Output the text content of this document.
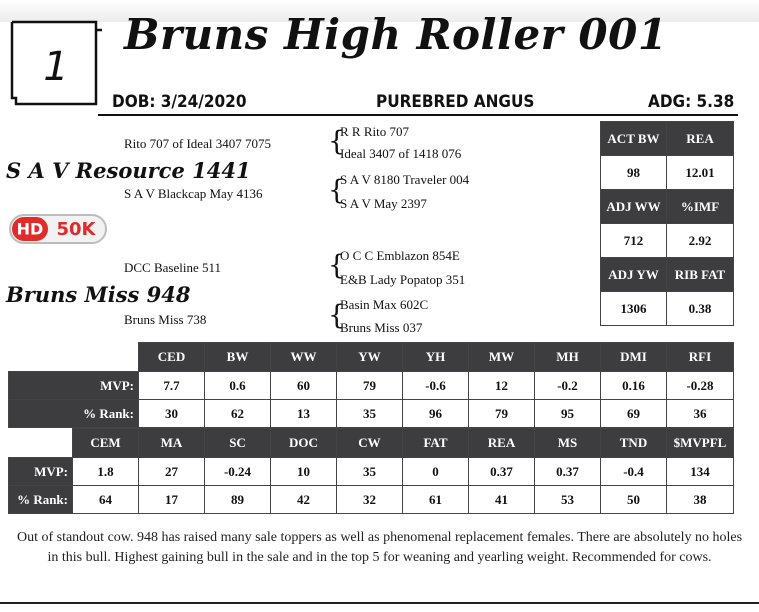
1
Bruns High Roller 001
DOB: 3/24/2020	PUREBRED ANGUS	ADG: 5.38
Rito 707 of Ideal 3407 7075
S A V Resource 1441
S A V Blackcap May 4136
{
R R Rito 707
Ideal 3407 of 1418 076
{
S A V 8180 Traveler 004
S A V May 2397
HD 50K
DCC Baseline 511
Bruns Miss 948
Bruns Miss 738
{
O C C Emblazon 854E
E&B Lady Popatop 351
{
Basin Max 602C
Bruns Miss 037
ACT BW	REA
98	12.01
ADJ WW	%IMF
712	2.92
ADJ YW	RIB FAT
1306	0.38
	CED	BW	WW	YW	YH	MW	MH	DMI	RFI
MVP:	7.7	0.6	60	79	-0.6	12	-0.2	0.16	-0.28
% Rank:	30	62	13	35	96	79	95	69	36
	CEM	MA	SC	DOC	CW	FAT	REA	MS	TND	$MVPFL
MVP:	1.8	27	-0.24	10	35	0	0.37	0.37	-0.4	134
% Rank:	64	17	89	42	32	61	41	53	50	38
Out of standout cow. 948 has raised many sale toppers as well as phenomenal replacement females. There are absolutely no holes in this bull. Highest gaining bull in the sale and in the top 5 for weaning and yearling weight. Recommended for cows.
